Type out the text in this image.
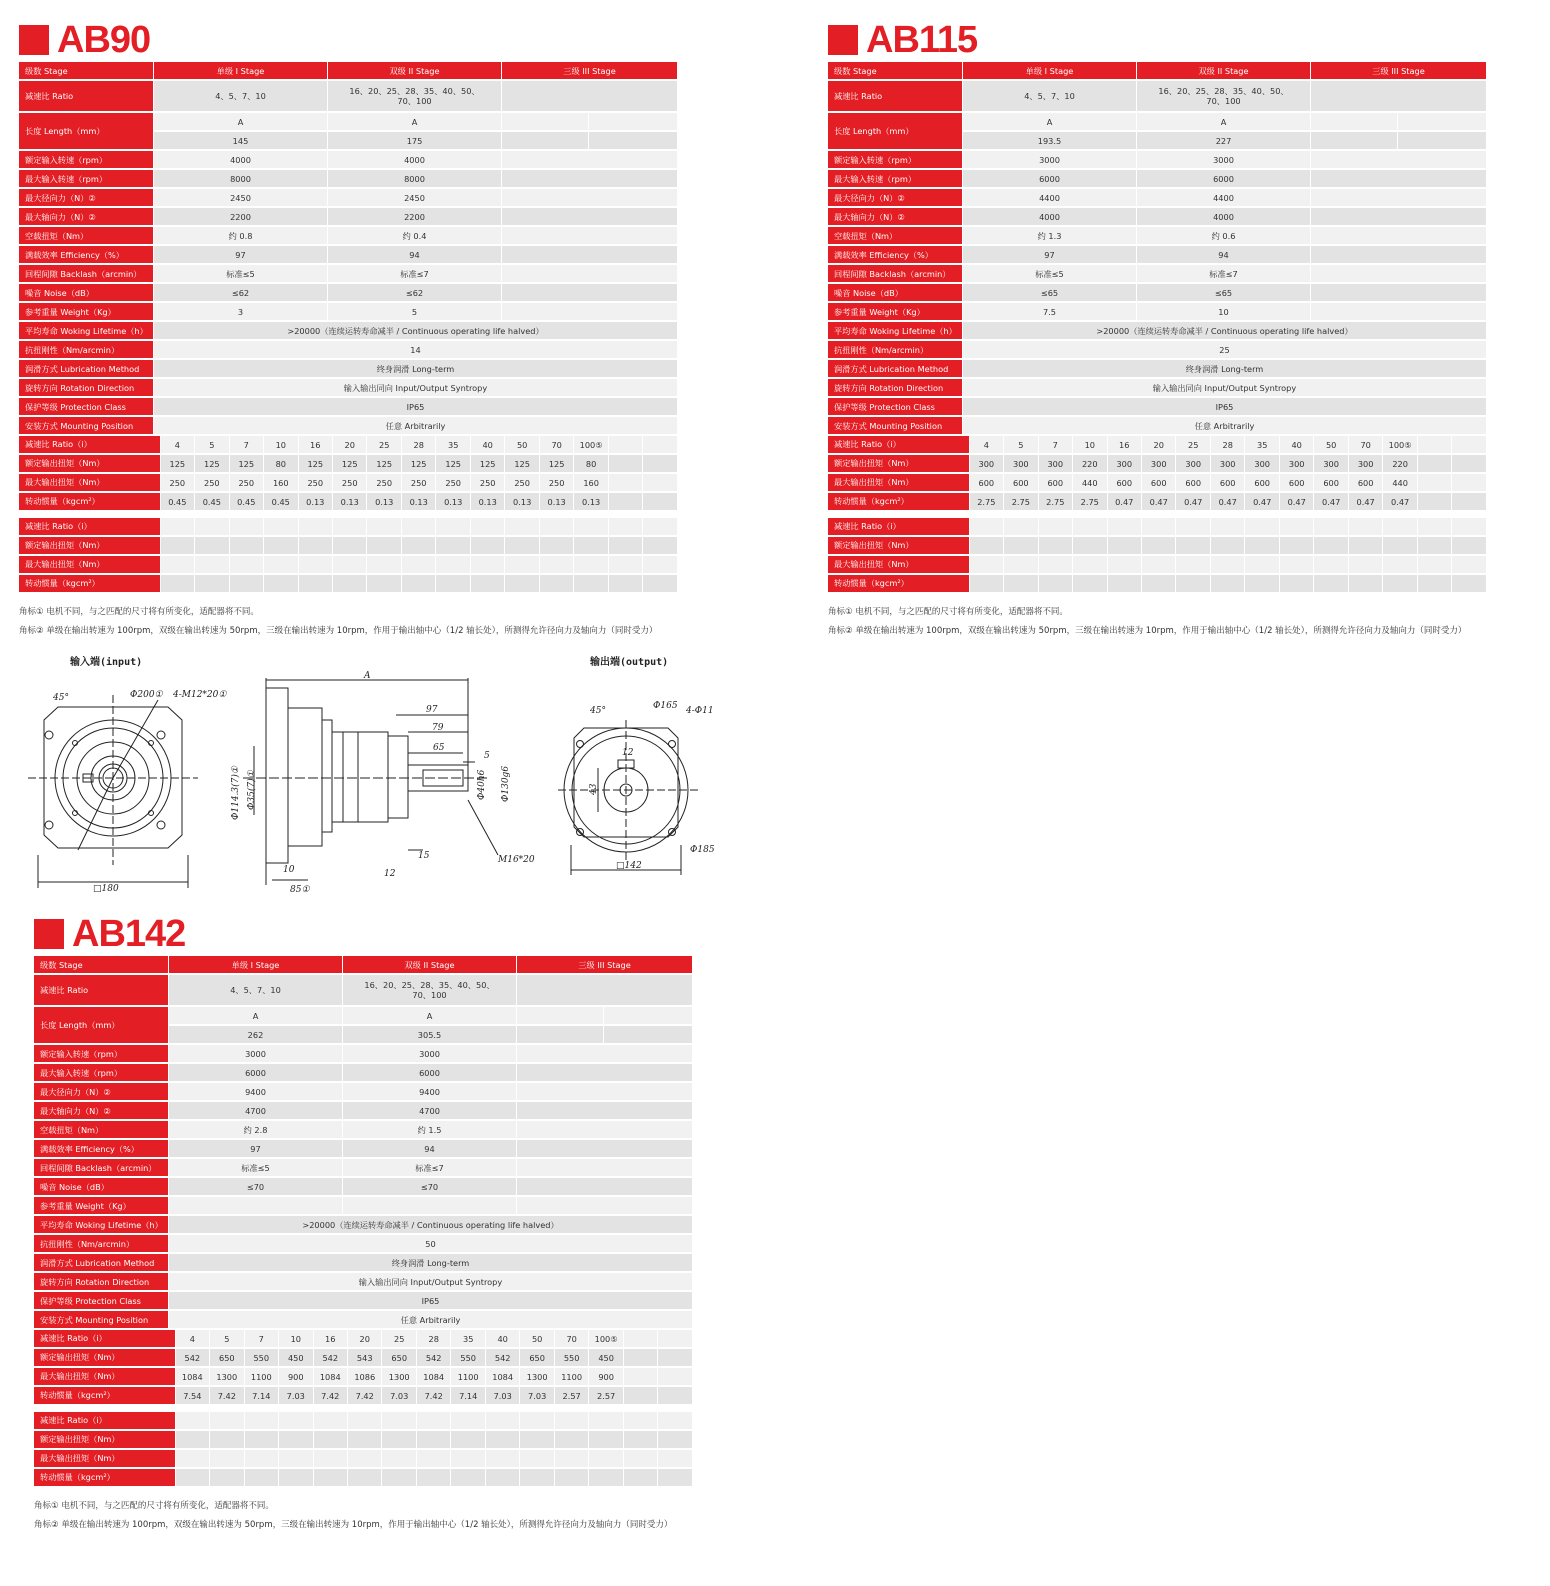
AB90
级数 Stage	单级 I Stage	双级 II Stage	三级 III Stage	
减速比 Ratio	4、5、7、10	16、20、25、28、35、40、50、70、100		
长度 Length（mm）	A	A		
	145	175		
额定输入转速（rpm）	4000	4000		
最大输入转速（rpm）	8000	8000		
最大径向力（N）②	2450	2450		
最大轴向力（N）②	2200	2200		
空载扭矩（Nm）	约 0.8	约 0.4		
满载效率 Efficiency（%）	97	94		
回程间隙 Backlash（arcmin）	标准≤5	标准≤7		
噪音 Noise（dB）	≤62	≤62		
参考重量 Weight（Kg）	3	5		
平均寿命 Woking Lifetime（h）	>20000（连续运转寿命减半 / Continuous operating life halved）			
抗扭刚性（Nm/arcmin）	14			
润滑方式 Lubrication Method	终身润滑 Long-term			
旋转方向 Rotation Direction	输入输出同向 Input/Output Syntropy			
保护等级 Protection Class	IP65			
安装方式 Mounting Position	任意 Arbitrarily			
减速比 Ratio（i）	4	5	7	10	16	20	25	28	35	40	50	70	100⑤		
额定输出扭矩（Nm）	125	125	125	80	125	125	125	125	125	125	125	125	80		
最大输出扭矩（Nm）	250	250	250	160	250	250	250	250	250	250	250	250	160		
转动惯量（kgcm²）	0.45	0.45	0.45	0.45	0.13	0.13	0.13	0.13	0.13	0.13	0.13	0.13	0.13		
减速比 Ratio（i）															
额定输出扭矩（Nm）															
最大输出扭矩（Nm）															
转动惯量（kgcm²）															
角标① 电机不同，与之匹配的尺寸将有所变化，适配器将不同。
角标② 单级在输出转速为 100rpm，双级在输出转速为 50rpm，三级在输出转速为 10rpm，作用于输出轴中心（1/2 轴长处），所测得允许径向力及轴向力（同时受力）
AB115
级数 Stage	单级 I Stage	双级 II Stage	三级 III Stage	
减速比 Ratio	4、5、7、10	16、20、25、28、35、40、50、70、100		
长度 Length（mm）	A	A		
	193.5	227		
额定输入转速（rpm）	3000	3000		
最大输入转速（rpm）	6000	6000		
最大径向力（N）②	4400	4400		
最大轴向力（N）②	4000	4000		
空载扭矩（Nm）	约 1.3	约 0.6		
满载效率 Efficiency（%）	97	94		
回程间隙 Backlash（arcmin）	标准≤5	标准≤7		
噪音 Noise（dB）	≤65	≤65		
参考重量 Weight（Kg）	7.5	10		
平均寿命 Woking Lifetime（h）	>20000（连续运转寿命减半 / Continuous operating life halved）			
抗扭刚性（Nm/arcmin）	25			
润滑方式 Lubrication Method	终身润滑 Long-term			
旋转方向 Rotation Direction	输入输出同向 Input/Output Syntropy			
保护等级 Protection Class	IP65			
安装方式 Mounting Position	任意 Arbitrarily			
减速比 Ratio（i）	4	5	7	10	16	20	25	28	35	40	50	70	100⑤		
额定输出扭矩（Nm）	300	300	300	220	300	300	300	300	300	300	300	300	220		
最大输出扭矩（Nm）	600	600	600	440	600	600	600	600	600	600	600	600	440		
转动惯量（kgcm²）	2.75	2.75	2.75	2.75	0.47	0.47	0.47	0.47	0.47	0.47	0.47	0.47	0.47		
减速比 Ratio（i）															
额定输出扭矩（Nm）															
最大输出扭矩（Nm）															
转动惯量（kgcm²）															
角标① 电机不同，与之匹配的尺寸将有所变化，适配器将不同。
角标② 单级在输出转速为 100rpm，双级在输出转速为 50rpm，三级在输出转速为 10rpm，作用于输出轴中心（1/2 轴长处），所测得允许径向力及轴向力（同时受力）
AB142
级数 Stage	单级 I Stage	双级 II Stage	三级 III Stage	
减速比 Ratio	4、5、7、10	16、20、25、28、35、40、50、70、100		
长度 Length（mm）	A	A		
	262	305.5		
额定输入转速（rpm）	3000	3000		
最大输入转速（rpm）	6000	6000		
最大径向力（N）②	9400	9400		
最大轴向力（N）②	4700	4700		
空载扭矩（Nm）	约 2.8	约 1.5		
满载效率 Efficiency（%）	97	94		
回程间隙 Backlash（arcmin）	标准≤5	标准≤7		
噪音 Noise（dB）	≤70	≤70		
参考重量 Weight（Kg）				
平均寿命 Woking Lifetime（h）	>20000（连续运转寿命减半 / Continuous operating life halved）			
抗扭刚性（Nm/arcmin）	50			
润滑方式 Lubrication Method	终身润滑 Long-term			
旋转方向 Rotation Direction	输入输出同向 Input/Output Syntropy			
保护等级 Protection Class	IP65			
安装方式 Mounting Position	任意 Arbitrarily			
减速比 Ratio（i）	4	5	7	10	16	20	25	28	35	40	50	70	100⑤		
额定输出扭矩（Nm）	542	650	550	450	542	543	650	542	550	542	650	550	450		
最大输出扭矩（Nm）	1084	1300	1100	900	1084	1086	1300	1084	1100	1084	1300	1100	900		
转动惯量（kgcm²）	7.54	7.42	7.14	7.03	7.42	7.42	7.03	7.42	7.14	7.03	7.03	2.57	2.57		
减速比 Ratio（i）															
额定输出扭矩（Nm）															
最大输出扭矩（Nm）															
转动惯量（kgcm²）															
角标① 电机不同，与之匹配的尺寸将有所变化，适配器将不同。
角标② 单级在输出转速为 100rpm，双级在输出转速为 50rpm，三级在输出转速为 10rpm，作用于输出轴中心（1/2 轴长处），所测得允许径向力及轴向力（同时受力）
输入端(input)	输出端(output)
45°	Φ200① 4-M12*20①
□180
A
97
79
65
5
Φ40h6 Φ130g6
Φ114.3(7)① Φ35(7)①
10
15
12
85①
M16*20
45°	Φ165 4-Φ11
12
43
Φ185
□142
